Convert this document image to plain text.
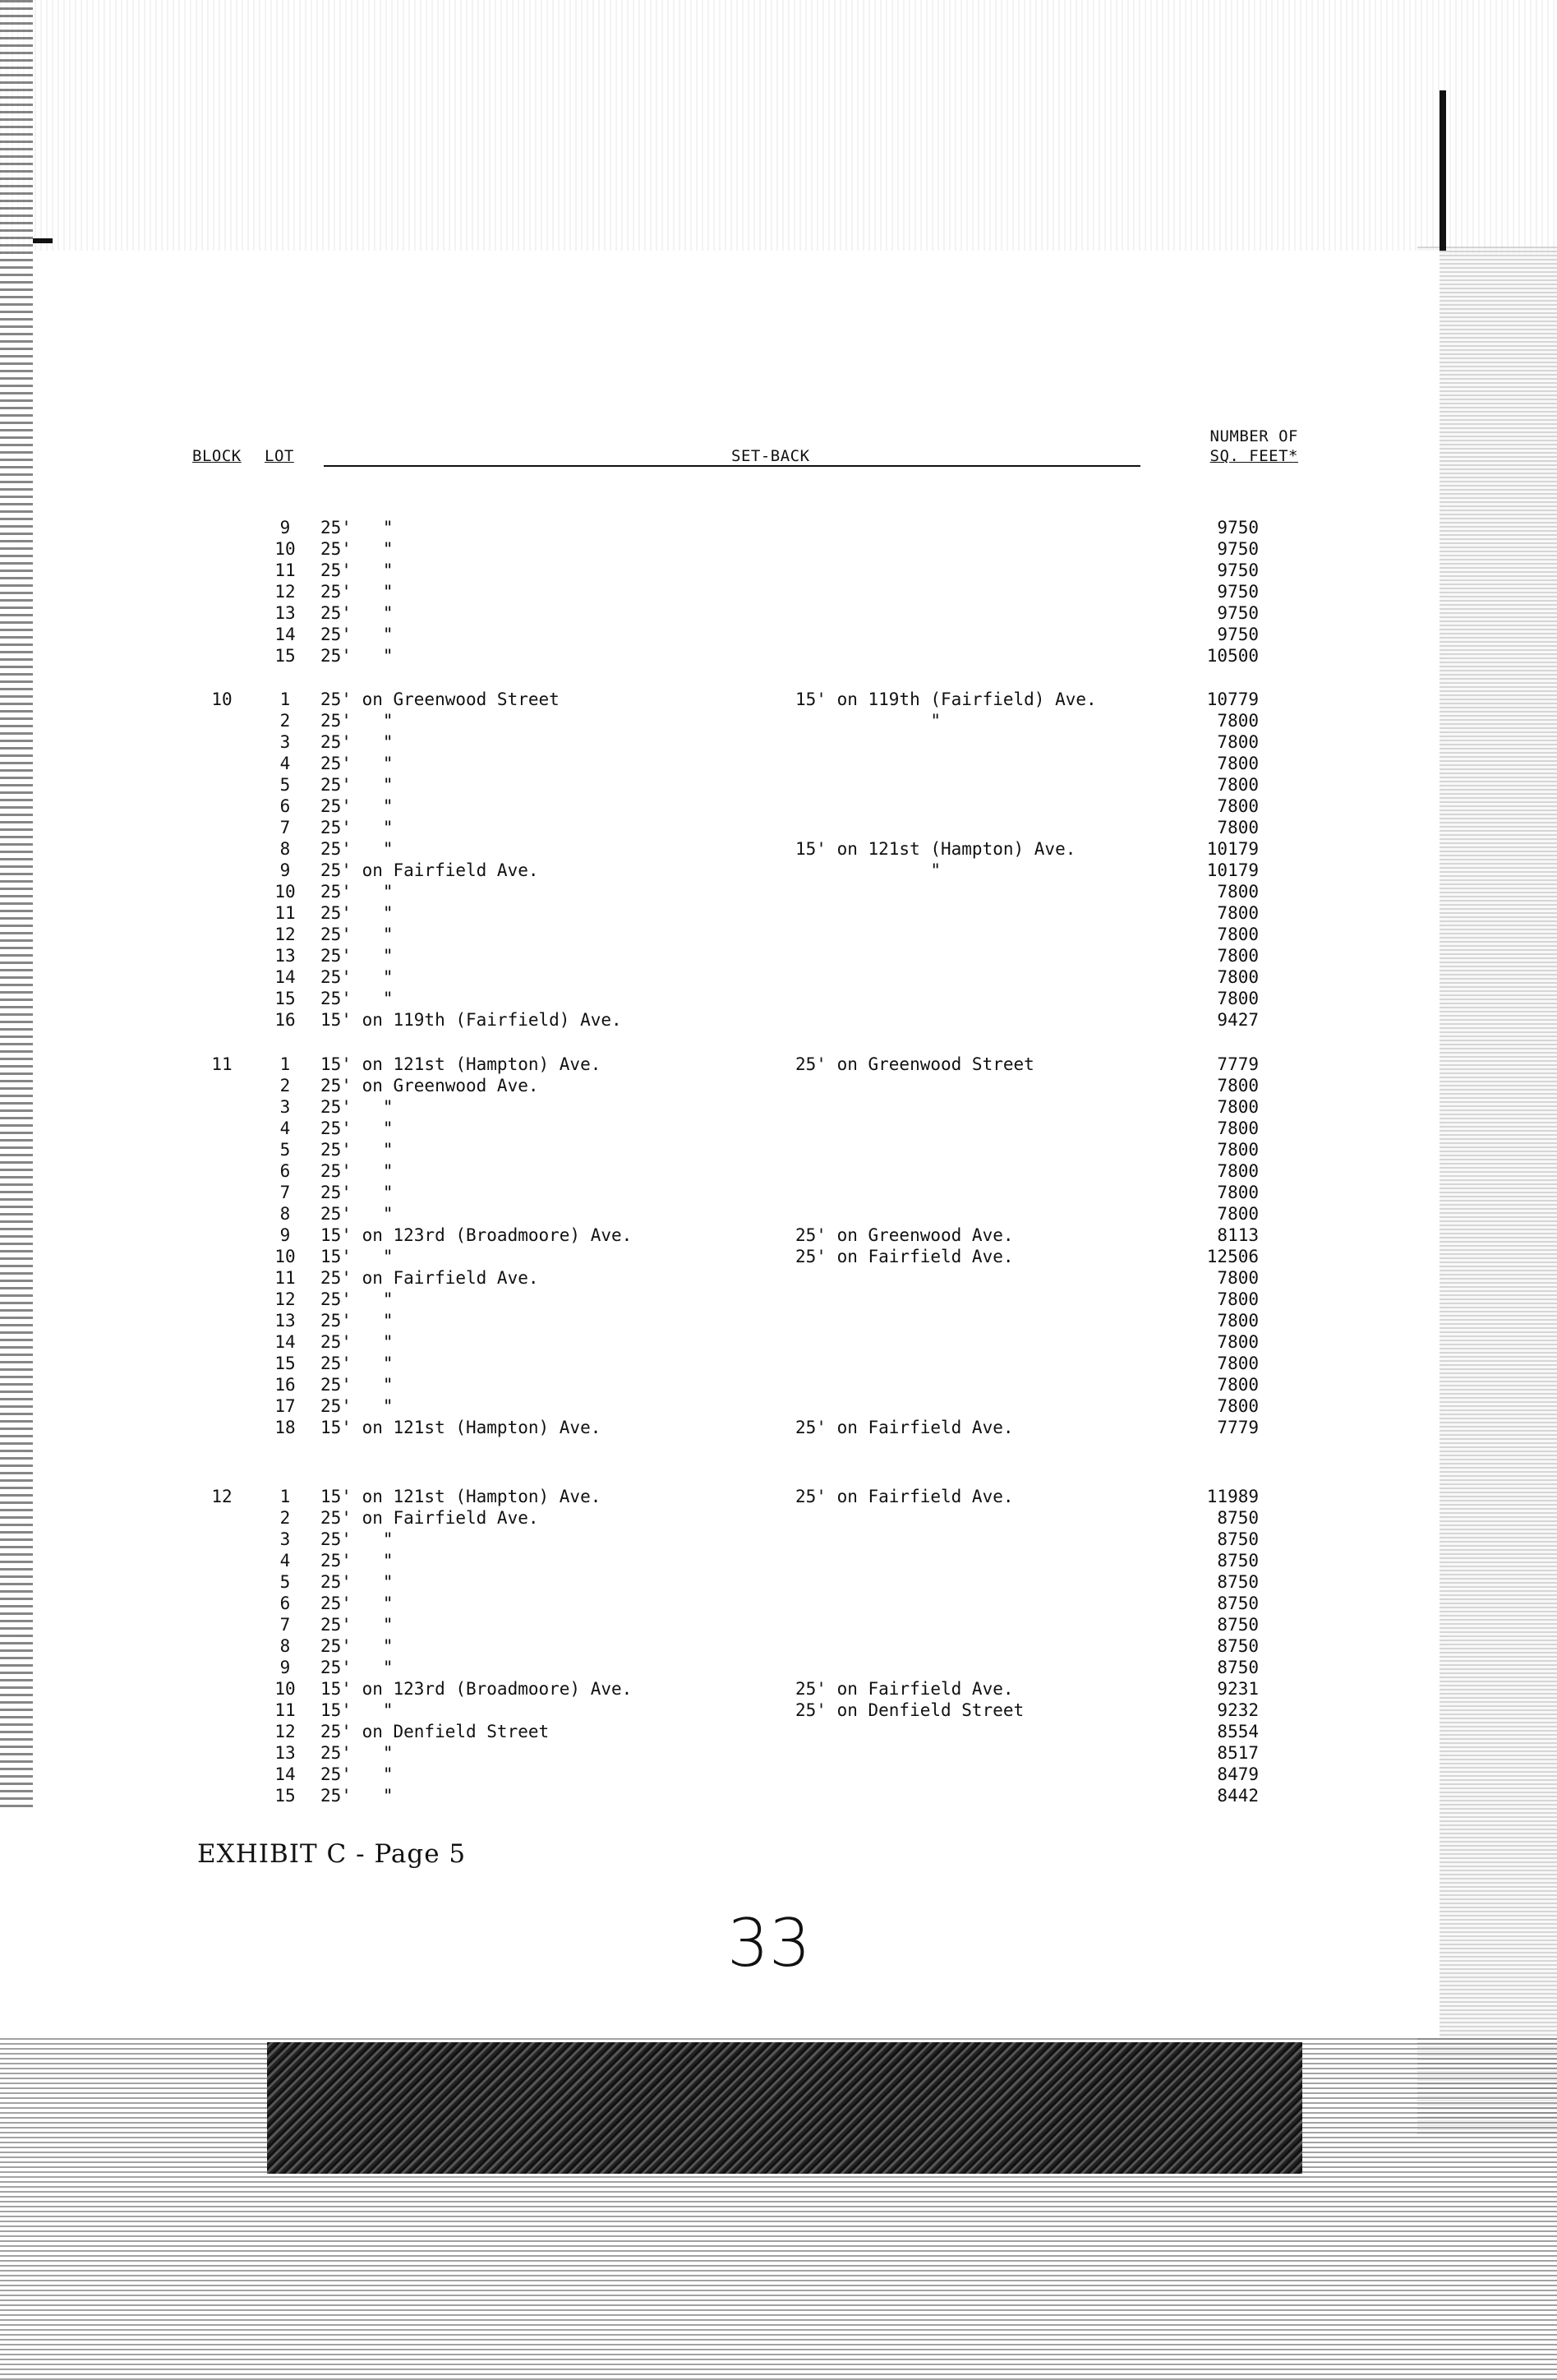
BLOCK LOT	SET-BACK
NUMBER OF
SQ. FEET*
9	25'   "	9750
10	25'   "	9750
11	25'   "	9750
12	25'   "	9750
13	25'   "	9750
14	25'   "	9750
15	25'   "	10500
10	1	25' on Greenwood Street	15' on 119th (Fairfield) Ave.	10779
2	25'   "	"	7800
3	25'   "	7800
4	25'   "	7800
5	25'   "	7800
6	25'   "	7800
7	25'   "	7800
8	25'   "	15' on 121st (Hampton) Ave.	10179
9	25' on Fairfield Ave.	"	10179
10	25'   "	7800
11	25'   "	7800
12	25'   "	7800
13	25'   "	7800
14	25'   "	7800
15	25'   "	7800
16	15' on 119th (Fairfield) Ave.	9427
11	1	15' on 121st (Hampton) Ave.	25' on Greenwood Street	7779
2	25' on Greenwood Ave.	7800
3	25'   "	7800
4	25'   "	7800
5	25'   "	7800
6	25'   "	7800
7	25'   "	7800
8	25'   "	7800
9	15' on 123rd (Broadmoore) Ave.	25' on Greenwood Ave.	8113
10	15'   "	25' on Fairfield Ave.	12506
11	25' on Fairfield Ave.	7800
12	25'   "	7800
13	25'   "	7800
14	25'   "	7800
15	25'   "	7800
16	25'   "	7800
17	25'   "	7800
18	15' on 121st (Hampton) Ave.	25' on Fairfield Ave.	7779
12	1	15' on 121st (Hampton) Ave.	25' on Fairfield Ave.	11989
2	25' on Fairfield Ave.	8750
3	25'   "	8750
4	25'   "	8750
5	25'   "	8750
6	25'   "	8750
7	25'   "	8750
8	25'   "	8750
9	25'   "	8750
10	15' on 123rd (Broadmoore) Ave.	25' on Fairfield Ave.	9231
11	15'   "	25' on Denfield Street	9232
12	25' on Denfield Street	8554
13	25'   "	8517
14	25'   "	8479
15	25'   "	8442
EXHIBIT C - Page 5
33
